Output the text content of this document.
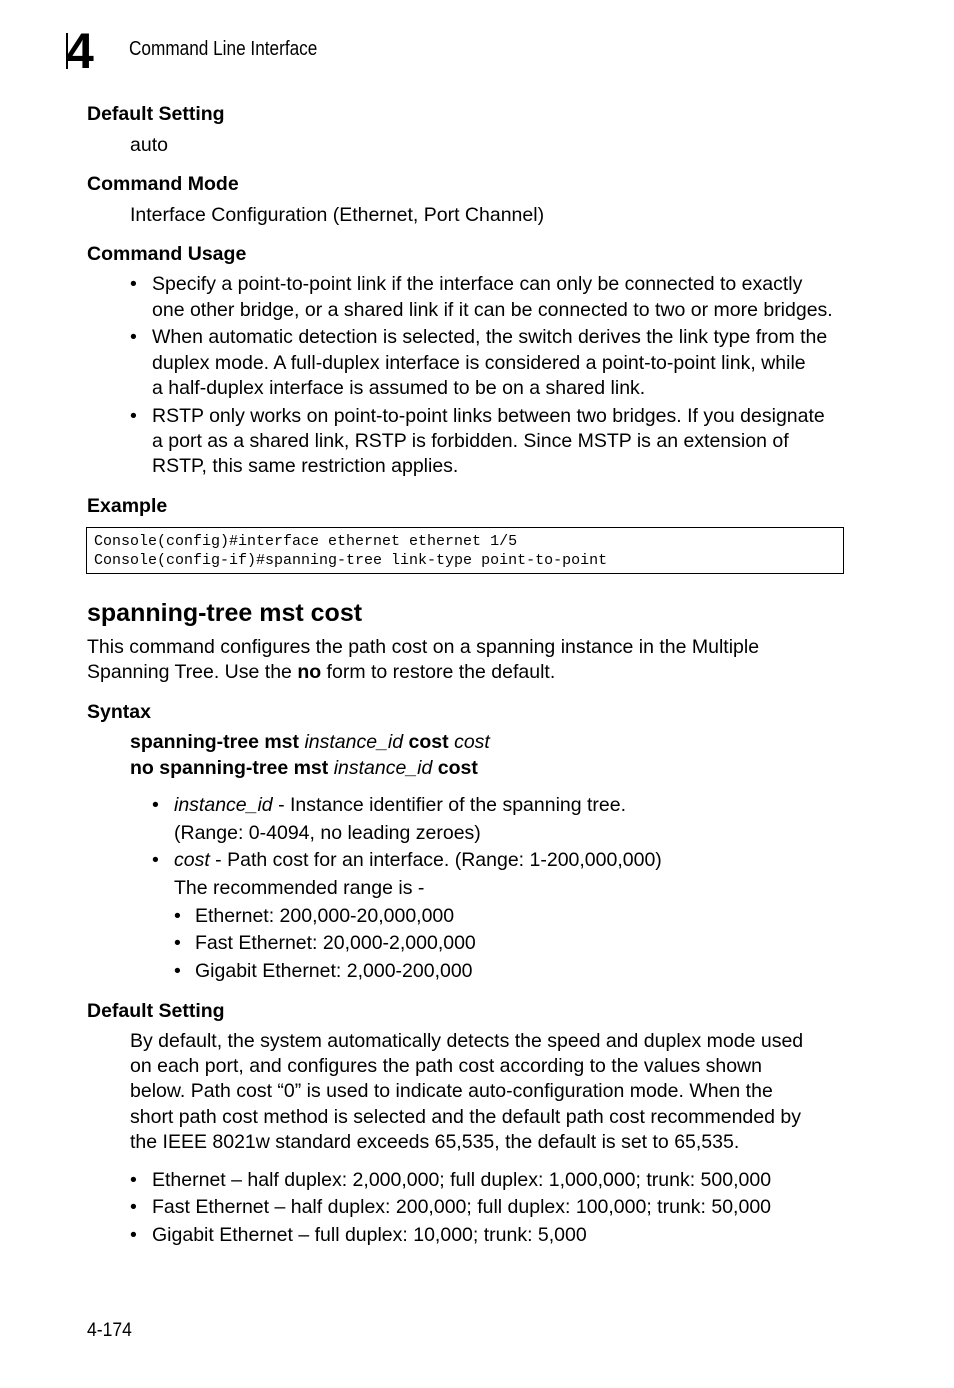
4	Command Line Interface
Default Setting
auto
Command Mode
Interface Configuration (Ethernet, Port Channel)
Command Usage
• Specify a point-to-point link if the interface can only be connected to exactly
one other bridge, or a shared link if it can be connected to two or more bridges.
• When automatic detection is selected, the switch derives the link type from the
duplex mode. A full-duplex interface is considered a point-to-point link, while
a half-duplex interface is assumed to be on a shared link.
• RSTP only works on point-to-point links between two bridges. If you designate
a port as a shared link, RSTP is forbidden. Since MSTP is an extension of
RSTP, this same restriction applies.
Example
Console(config)#interface ethernet ethernet 1/5
Console(config-if)#spanning-tree link-type point-to-point
spanning-tree mst cost
This command configures the path cost on a spanning instance in the Multiple
Spanning Tree. Use the no form to restore the default.
Syntax
spanning-tree mst instance_id cost cost
no spanning-tree mst instance_id cost
• instance_id - Instance identifier of the spanning tree.
(Range: 0-4094, no leading zeroes)
• cost - Path cost for an interface. (Range: 1-200,000,000)
The recommended range is -
• Ethernet: 200,000-20,000,000
• Fast Ethernet: 20,000-2,000,000
• Gigabit Ethernet: 2,000-200,000
Default Setting
By default, the system automatically detects the speed and duplex mode used
on each port, and configures the path cost according to the values shown
below. Path cost “0” is used to indicate auto-configuration mode. When the
short path cost method is selected and the default path cost recommended by
the IEEE 8021w standard exceeds 65,535, the default is set to 65,535.
• Ethernet – half duplex: 2,000,000; full duplex: 1,000,000; trunk: 500,000
• Fast Ethernet – half duplex: 200,000; full duplex: 100,000; trunk: 50,000
• Gigabit Ethernet – full duplex: 10,000; trunk: 5,000
4-174
